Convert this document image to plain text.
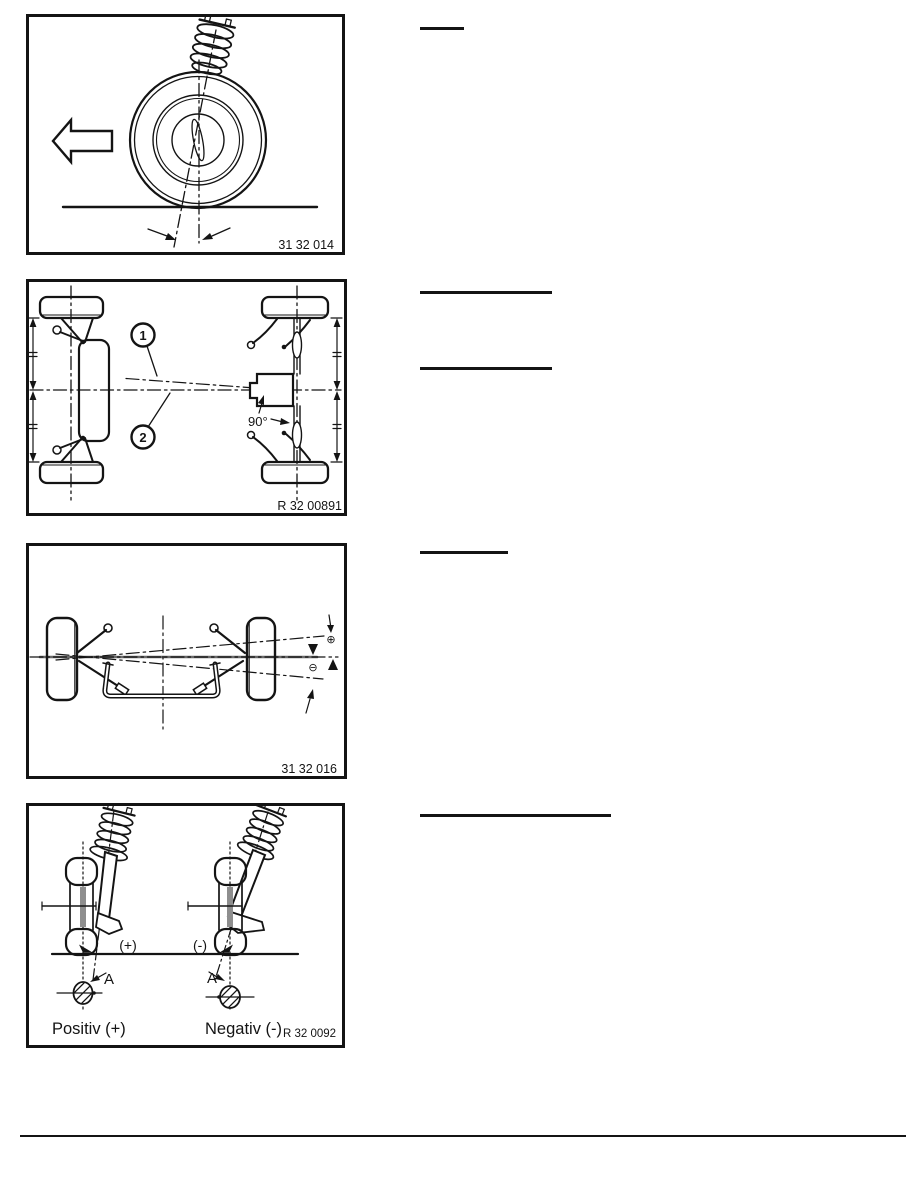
31 32 014
1
2
90°
R 32 00891
⊕
⊖
31 32 016
(+)	(-)
A	A
Positiv (+)	Negativ (-) R 32 0092
